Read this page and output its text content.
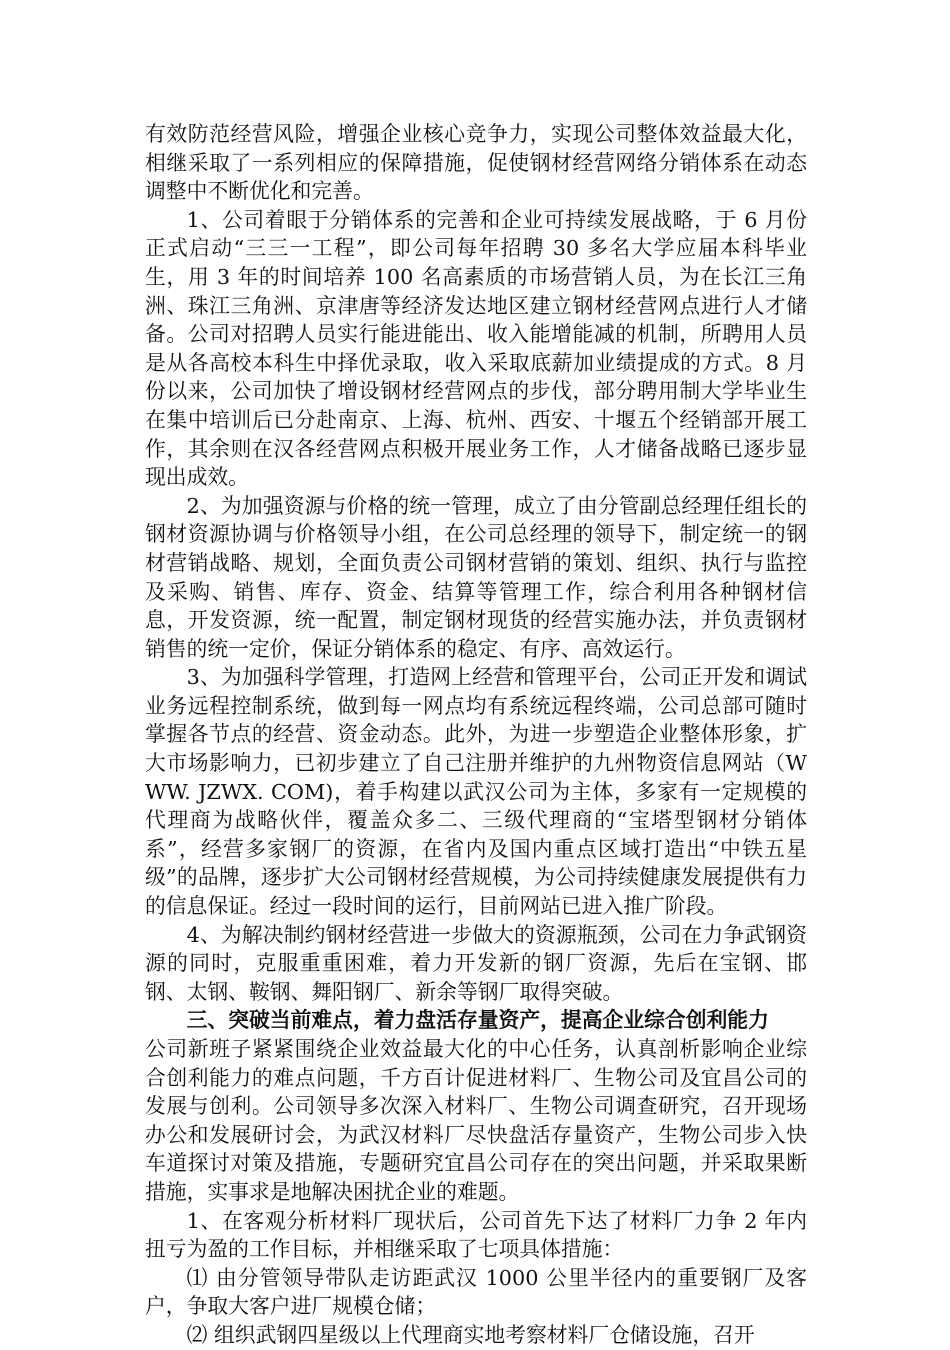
有效防范经营风险，增强企业核心竞争力，实现公司整体效益最大化，相继采取了一系列相应的保障措施，促使钢材经营网络分销体系在动态调整中不断优化和完善。

1、公司着眼于分销体系的完善和企业可持续发展战略，于 6 月份正式启动“三三一工程”，即公司每年招聘 30 多名大学应届本科毕业生，用 3 年的时间培养 100 名高素质的市场营销人员，为在长江三角洲、珠江三角洲、京津唐等经济发达地区建立钢材经营网点进行人才储备。公司对招聘人员实行能进能出、收入能增能减的机制，所聘用人员是从各高校本科生中择优录取，收入采取底薪加业绩提成的方式。8 月份以来，公司加快了增设钢材经营网点的步伐，部分聘用制大学毕业生在集中培训后已分赴南京、上海、杭州、西安、十堰五个经销部开展工作，其余则在汉各经营网点积极开展业务工作，人才储备战略已逐步显现出成效。

2、为加强资源与价格的统一管理，成立了由分管副总经理任组长的钢材资源协调与价格领导小组，在公司总经理的领导下，制定统一的钢材营销战略、规划，全面负责公司钢材营销的策划、组织、执行与监控及采购、销售、库存、资金、结算等管理工作，综合利用各种钢材信息，开发资源，统一配置，制定钢材现货的经营实施办法，并负责钢材销售的统一定价，保证分销体系的稳定、有序、高效运行。

3、为加强科学管理，打造网上经营和管理平台，公司正开发和调试业务远程控制系统，做到每一网点均有系统远程终端，公司总部可随时掌握各节点的经营、资金动态。此外，为进一步塑造企业整体形象，扩大市场影响力，已初步建立了自己注册并维护的九州物资信息网站（WWW. JZWX. COM)，着手构建以武汉公司为主体，多家有一定规模的代理商为战略伙伴，覆盖众多二、三级代理商的“宝塔型钢材分销体系”，经营多家钢厂的资源，在省内及国内重点区域打造出“中铁五星级”的品牌，逐步扩大公司钢材经营规模，为公司持续健康发展提供有力的信息保证。经过一段时间的运行，目前网站已进入推广阶段。

4、为解决制约钢材经营进一步做大的资源瓶颈，公司在力争武钢资源的同时，克服重重困难，着力开发新的钢厂资源，先后在宝钢、邯钢、太钢、鞍钢、舞阳钢厂、新余等钢厂取得突破。

三、突破当前难点，着力盘活存量资产，提高企业综合创利能力

公司新班子紧紧围绕企业效益最大化的中心任务，认真剖析影响企业综合创利能力的难点问题，千方百计促进材料厂、生物公司及宜昌公司的发展与创利。公司领导多次深入材料厂、生物公司调查研究，召开现场办公和发展研讨会，为武汉材料厂尽快盘活存量资产，生物公司步入快车道探讨对策及措施，专题研究宜昌公司存在的突出问题，并采取果断措施，实事求是地解决困扰企业的难题。

1、在客观分析材料厂现状后，公司首先下达了材料厂力争 2 年内扭亏为盈的工作目标，并相继采取了七项具体措施：

⑴ 由分管领导带队走访距武汉 1000 公里半径内的重要钢厂及客户，争取大客户进厂规模仓储；

⑵ 组织武钢四星级以上代理商实地考察材料厂仓储设施，召开
